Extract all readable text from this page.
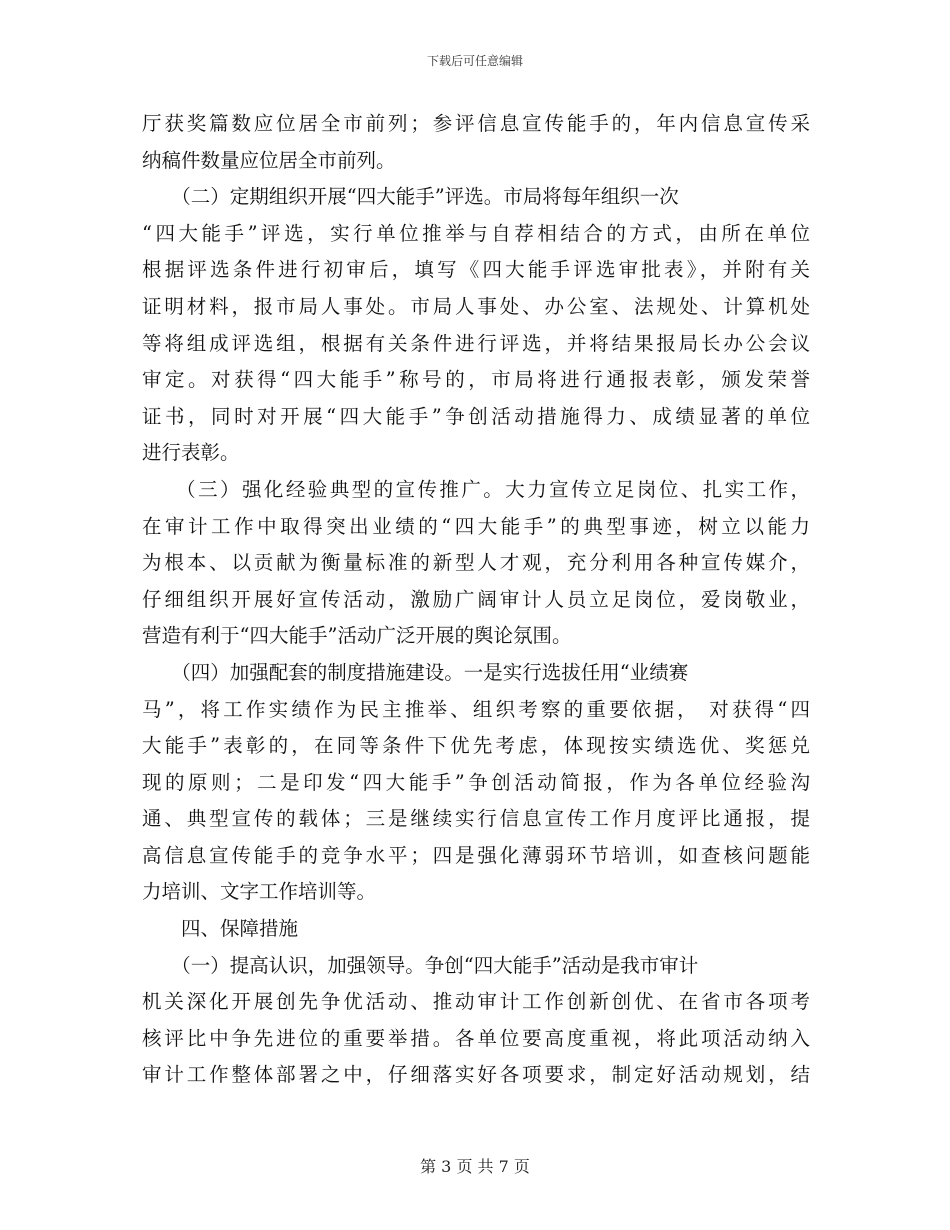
下载后可任意编辑
厅获奖篇数应位居全市前列；参评信息宣传能手的，年内信息宣传采
纳稿件数量应位居全市前列。
　　（二）定期组织开展“四大能手”评选。市局将每年组织一次
“四大能手”评选，实行单位推举与自荐相结合的方式，由所在单位
根据评选条件进行初审后，填写《四大能手评选审批表》，并附有关
证明材料，报市局人事处。市局人事处、办公室、法规处、计算机处
等将组成评选组，根据有关条件进行评选，并将结果报局长办公会议
审定。对获得“四大能手”称号的，市局将进行通报表彰，颁发荣誉
证书，同时对开展“四大能手”争创活动措施得力、成绩显著的单位
进行表彰。
　　（三）强化经验典型的宣传推广。大力宣传立足岗位、扎实工作，
在审计工作中取得突出业绩的“四大能手”的典型事迹，树立以能力
为根本、以贡献为衡量标准的新型人才观，充分利用各种宣传媒介，
仔细组织开展好宣传活动，激励广阔审计人员立足岗位，爱岗敬业，
营造有利于“四大能手”活动广泛开展的舆论氛围。
　　（四）加强配套的制度措施建设。一是实行选拔任用“业绩赛
马”，将工作实绩作为民主推举、组织考察的重要依据， 对获得“四
大能手”表彰的，在同等条件下优先考虑，体现按实绩选优、奖惩兑
现的原则；二是印发“四大能手”争创活动简报，作为各单位经验沟
通、典型宣传的载体；三是继续实行信息宣传工作月度评比通报，提
高信息宣传能手的竞争水平；四是强化薄弱环节培训，如查核问题能
力培训、文字工作培训等。
　　四、保障措施
　　（一）提高认识，加强领导。争创“四大能手”活动是我市审计
机关深化开展创先争优活动、推动审计工作创新创优、在省市各项考
核评比中争先进位的重要举措。各单位要高度重视，将此项活动纳入
审计工作整体部署之中，仔细落实好各项要求，制定好活动规划，结
第 3 页 共 7 页
